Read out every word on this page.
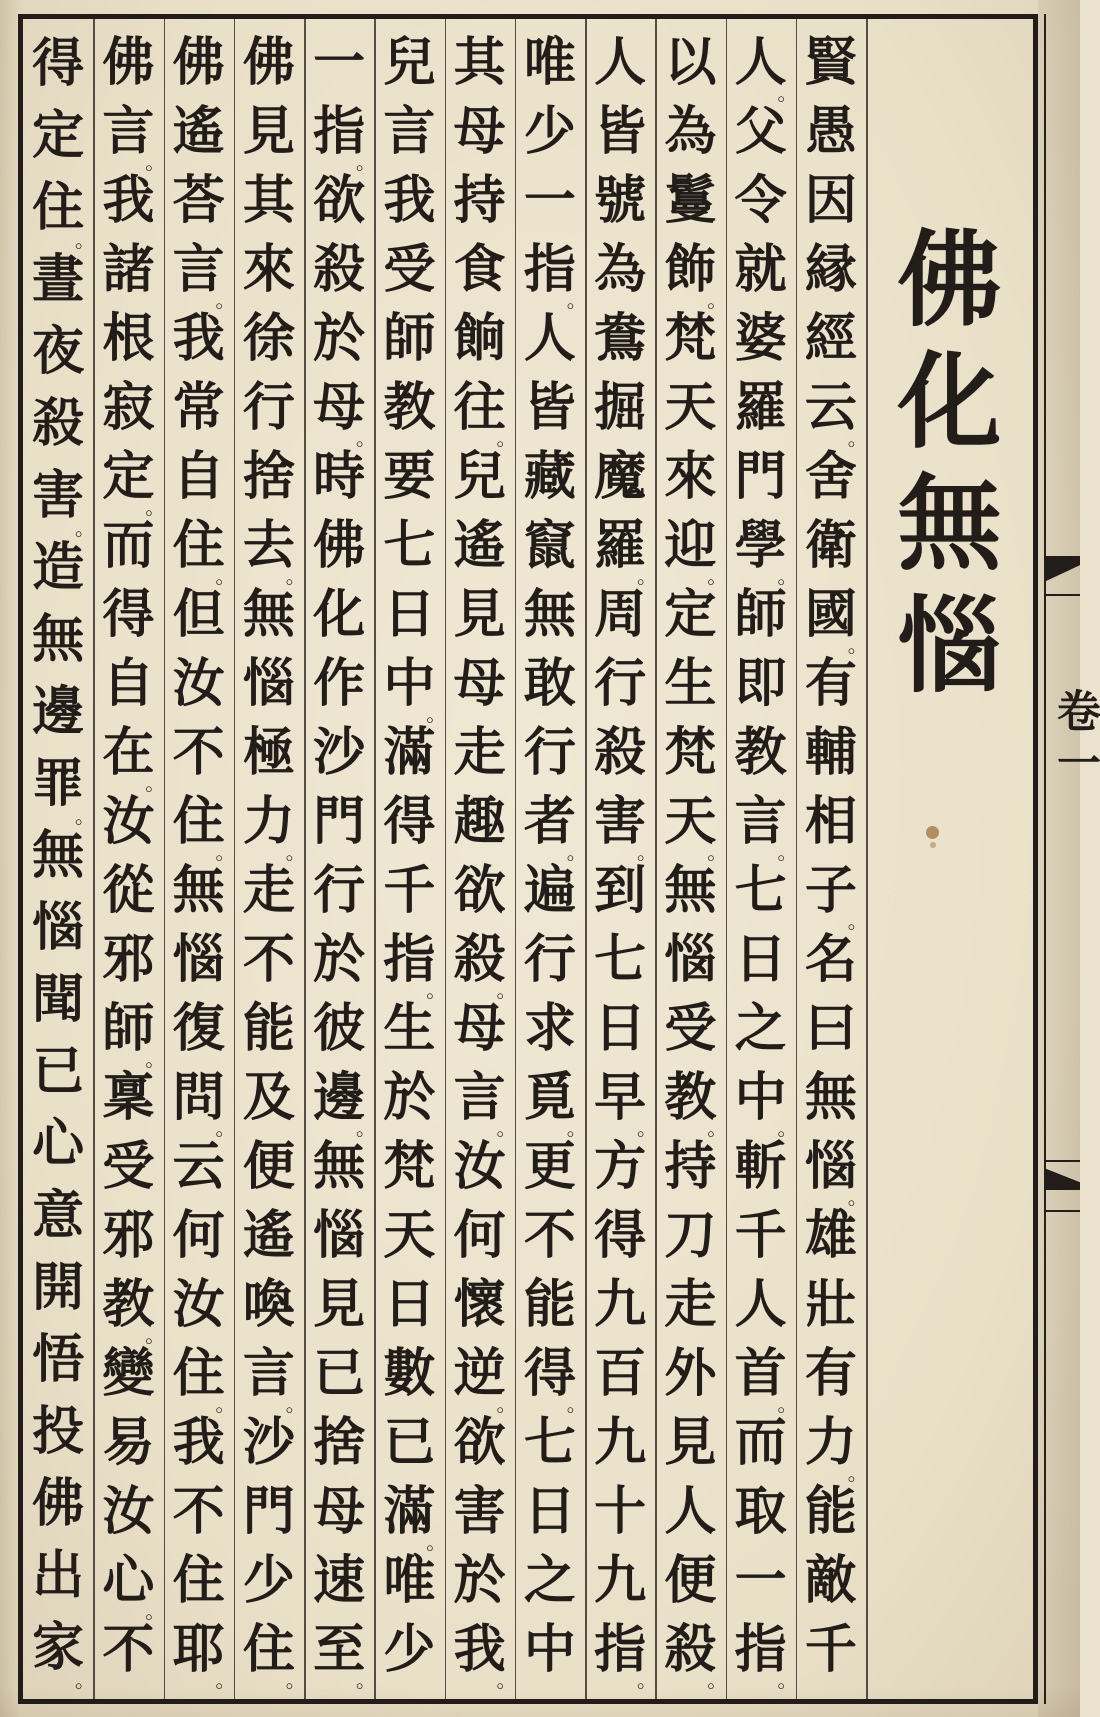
佛
化
無
惱
賢
愚
因
縁
經
云
。
舍
衛
國
。
有
輔
相
子
。
名
曰
無
惱
。
雄
壯
有
力
。
能
敵
千
人
。
父
令
就
婆
羅
門
學
。
師
即
教
言
。
七
日
之
中
。
斬
千
人
首
。
而
取
一
指
。
以
為
鬘
飾
。
梵
天
來
迎
。
定
生
梵
天
。
無
惱
受
教
。
持
刀
走
外
見
人
便
殺
。
人
皆
號
為
鴦
掘
魔
羅
。
周
行
殺
害
。
到
七
日
早
。
方
得
九
百
九
十
九
指
。
唯
少
一
指
。
人
皆
藏
竄
無
敢
行
者
。
遍
行
求
覓
。
更
不
能
得
。
七
日
之
中
其
母
持
食
餉
往
。
兒
遙
見
母
走
趣
欲
殺
。
母
言
。
汝
何
懷
逆
。
欲
害
於
我
。
兒
言
我
受
師
教
要
七
日
中
。
滿
得
千
指
。
生
於
梵
天
日
數
已
滿
。
唯
少
一
指
。
欲
殺
於
母
。
時
佛
化
作
沙
門
行
於
彼
邊
。
無
惱
見
已
捨
母
速
至
。
佛
見
其
來
徐
行
捨
去
。
無
惱
極
力
。
走
不
能
及
便
遙
喚
言
。
沙
門
少
住
。
佛
遙
荅
言
。
我
常
自
住
。
但
汝
不
住
。
無
惱
復
問
。
云
何
汝
住
。
我
不
住
耶
。
佛
言
。
我
諸
根
寂
定
。
而
得
自
在
。
汝
從
邪
師
。
稟
受
邪
教
。
變
易
汝
心
。
不
得
定
住
。
晝
夜
殺
害
。
造
無
邊
罪
。
無
惱
聞
已
心
意
開
悟
投
佛
出
家
。
卷一
